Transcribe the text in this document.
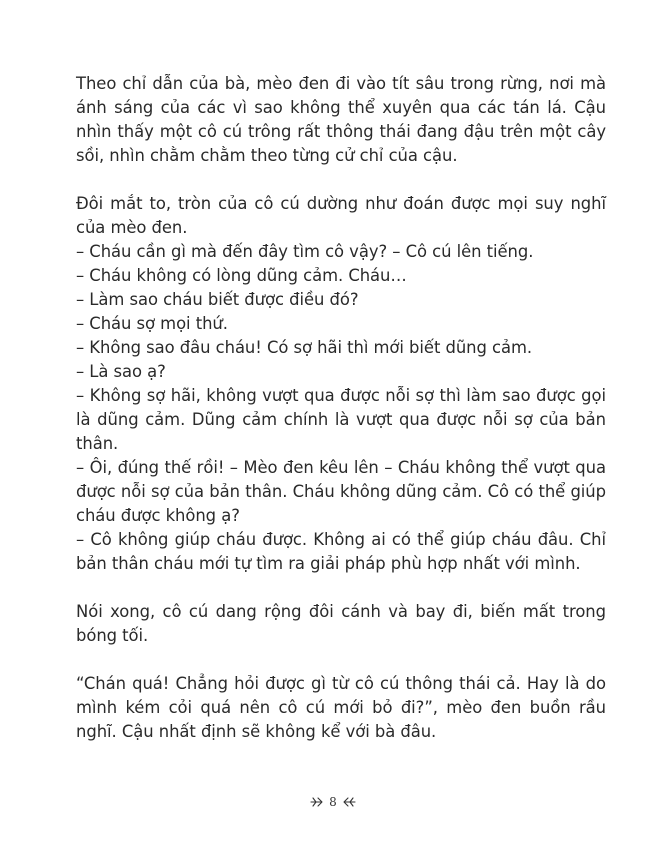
Theo chỉ dẫn của bà, mèo đen đi vào tít sâu trong rừng, nơi mà ánh sáng của các vì sao không thể xuyên qua các tán lá. Cậu nhìn thấy một cô cú trông rất thông thái đang đậu trên một cây sồi, nhìn chằm chằm theo từng cử chỉ của cậu.

Đôi mắt to, tròn của cô cú dường như đoán được mọi suy nghĩ của mèo đen.

– Cháu cần gì mà đến đây tìm cô vậy? – Cô cú lên tiếng.

– Cháu không có lòng dũng cảm. Cháu…

– Làm sao cháu biết được điều đó?

– Cháu sợ mọi thứ.

– Không sao đâu cháu! Có sợ hãi thì mới biết dũng cảm.

– Là sao ạ?

– Không sợ hãi, không vượt qua được nỗi sợ thì làm sao được gọi là dũng cảm. Dũng cảm chính là vượt qua được nỗi sợ của bản thân.

– Ôi, đúng thế rồi! – Mèo đen kêu lên – Cháu không thể vượt qua được nỗi sợ của bản thân. Cháu không dũng cảm. Cô có thể giúp cháu được không ạ?

– Cô không giúp cháu được. Không ai có thể giúp cháu đâu. Chỉ bản thân cháu mới tự tìm ra giải pháp phù hợp nhất với mình.

Nói xong, cô cú dang rộng đôi cánh và bay đi, biến mất trong bóng tối.

“Chán quá! Chẳng hỏi được gì từ cô cú thông thái cả. Hay là do mình kém cỏi quá nên cô cú mới bỏ đi?”, mèo đen buồn rầu nghĩ. Cậu nhất định sẽ không kể với bà đâu.

8
